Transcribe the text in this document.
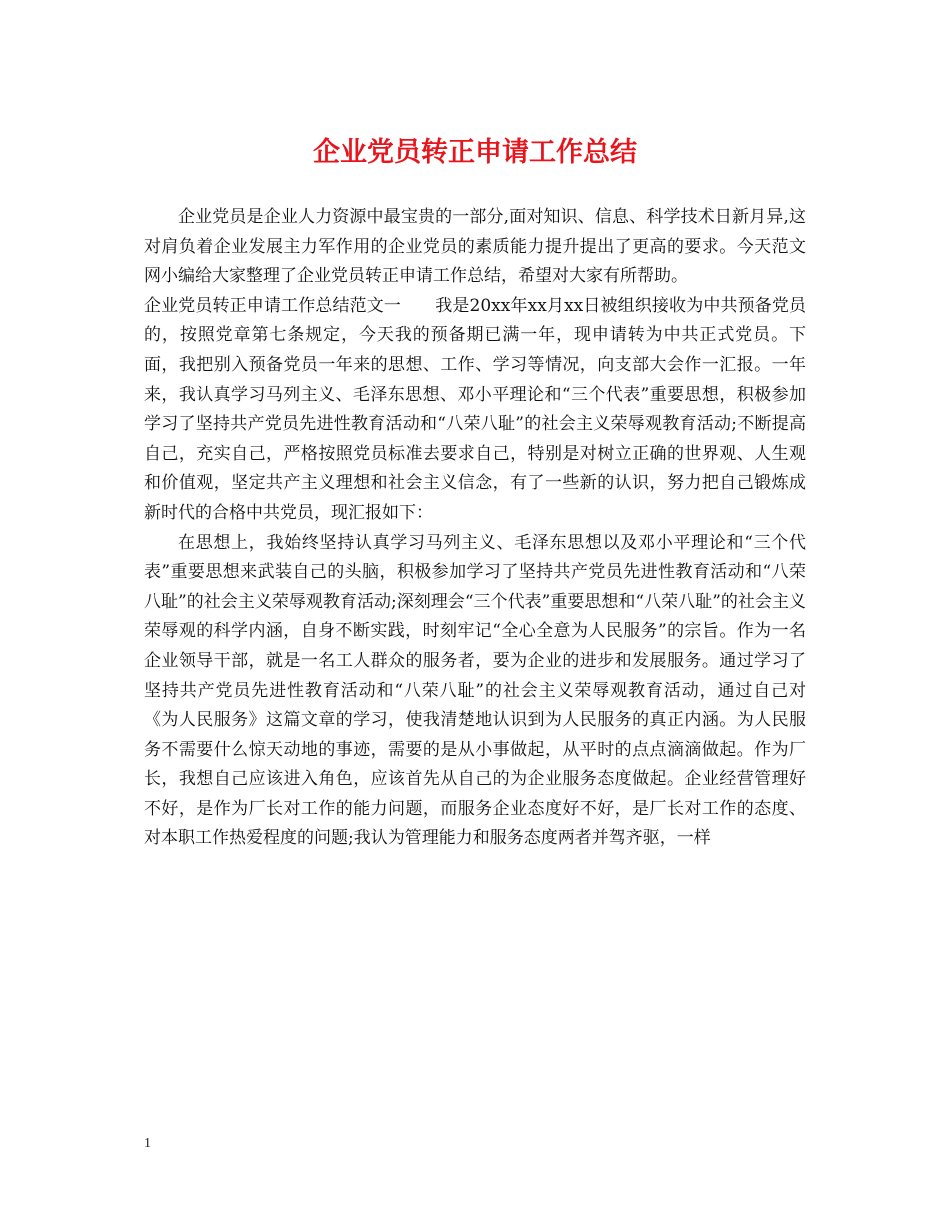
企业党员转正申请工作总结

企业党员是企业人力资源中最宝贵的一部分,面对知识、信息、科学技术日新月异,这对肩负着企业发展主力军作用的企业党员的素质能力提升提出了更高的要求。今天范文网小编给大家整理了企业党员转正申请工作总结，希望对大家有所帮助。

企业党员转正申请工作总结范文一　　我是20xx年xx月xx日被组织接收为中共预备党员的，按照党章第七条规定，今天我的预备期已满一年，现申请转为中共正式党员。下面，我把别入预备党员一年来的思想、工作、学习等情况，向支部大会作一汇报。一年来，我认真学习马列主义、毛泽东思想、邓小平理论和“三个代表”重要思想，积极参加学习了坚持共产党员先进性教育活动和“八荣八耻”的社会主义荣辱观教育活动;不断提高自己，充实自己，严格按照党员标准去要求自己，特别是对树立正确的世界观、人生观和价值观，坚定共产主义理想和社会主义信念，有了一些新的认识，努力把自己锻炼成新时代的合格中共党员，现汇报如下：

在思想上，我始终坚持认真学习马列主义、毛泽东思想以及邓小平理论和“三个代表”重要思想来武装自己的头脑，积极参加学习了坚持共产党员先进性教育活动和“八荣八耻”的社会主义荣辱观教育活动;深刻理会“三个代表”重要思想和“八荣八耻”的社会主义荣辱观的科学内涵，自身不断实践，时刻牢记“全心全意为人民服务”的宗旨。作为一名企业领导干部，就是一名工人群众的服务者，要为企业的进步和发展服务。通过学习了坚持共产党员先进性教育活动和“八荣八耻”的社会主义荣辱观教育活动，通过自己对《为人民服务》这篇文章的学习，使我清楚地认识到为人民服务的真正内涵。为人民服务不需要什么惊天动地的事迹，需要的是从小事做起，从平时的点点滴滴做起。作为厂长，我想自己应该进入角色，应该首先从自己的为企业服务态度做起。企业经营管理好不好，是作为厂长对工作的能力问题，而服务企业态度好不好，是厂长对工作的态度、对本职工作热爱程度的问题;我认为管理能力和服务态度两者并驾齐驱，一样

1
